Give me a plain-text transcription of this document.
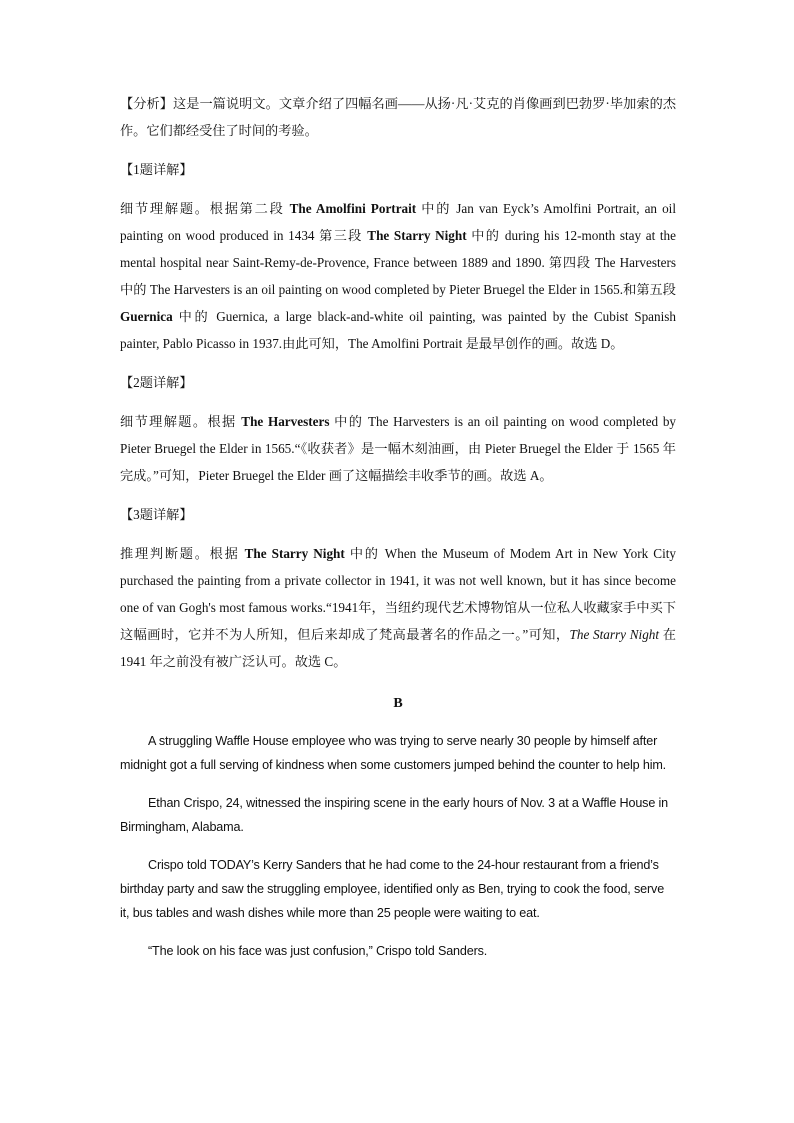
【分析】这是一篇说明文。文章介绍了四幅名画——从扬·凡·艾克的肖像画到巴勃罗·毕加索的杰作。它们都经受住了时间的考验。

【1题详解】

细节理解题。根据第二段 The Amolfini Portrait 中的 Jan van Eyck’s Amolfini Portrait, an oil painting on wood produced in 1434 第三段 The Starry Night 中的 during his 12-month stay at the mental hospital near Saint-Remy-de-Provence, France between 1889 and 1890. 第四段 The Harvesters 中的 The Harvesters is an oil painting on wood completed by Pieter Bruegel the Elder in 1565.和第五段 Guernica 中的 Guernica, a large black-and-white oil painting, was painted by the Cubist Spanish painter, Pablo Picasso in 1937.由此可知，The Amolfini Portrait 是最早创作的画。故选 D。

【2题详解】

细节理解题。根据 The Harvesters 中的 The Harvesters is an oil painting on wood completed by Pieter Bruegel the Elder in 1565.“《收获者》是一幅木刻油画，由 Pieter Bruegel the Elder 于 1565 年完成。”可知，Pieter Bruegel the Elder 画了这幅描绘丰收季节的画。故选 A。

【3题详解】

推理判断题。根据 The Starry Night 中的 When the Museum of Modem Art in New York City purchased the painting from a private collector in 1941, it was not well known, but it has since become one of van Gogh's most famous works.“1941年，当纽约现代艺术博物馆从一位私人收藏家手中买下这幅画时，它并不为人所知，但后来却成了梵高最著名的作品之一。”可知，The Starry Night 在 1941 年之前没有被广泛认可。故选 C。

B

A struggling Waffle House employee who was trying to serve nearly 30 people by himself after midnight got a full serving of kindness when some customers jumped behind the counter to help him.

Ethan Crispo, 24, witnessed the inspiring scene in the early hours of Nov. 3 at a Waffle House in Birmingham, Alabama.

Crispo told TODAY’s Kerry Sanders that he had come to the 24-hour restaurant from a friend’s birthday party and saw the struggling employee, identified only as Ben, trying to cook the food, serve it, bus tables and wash dishes while more than 25 people were waiting to eat.

“The look on his face was just confusion,” Crispo told Sanders.
